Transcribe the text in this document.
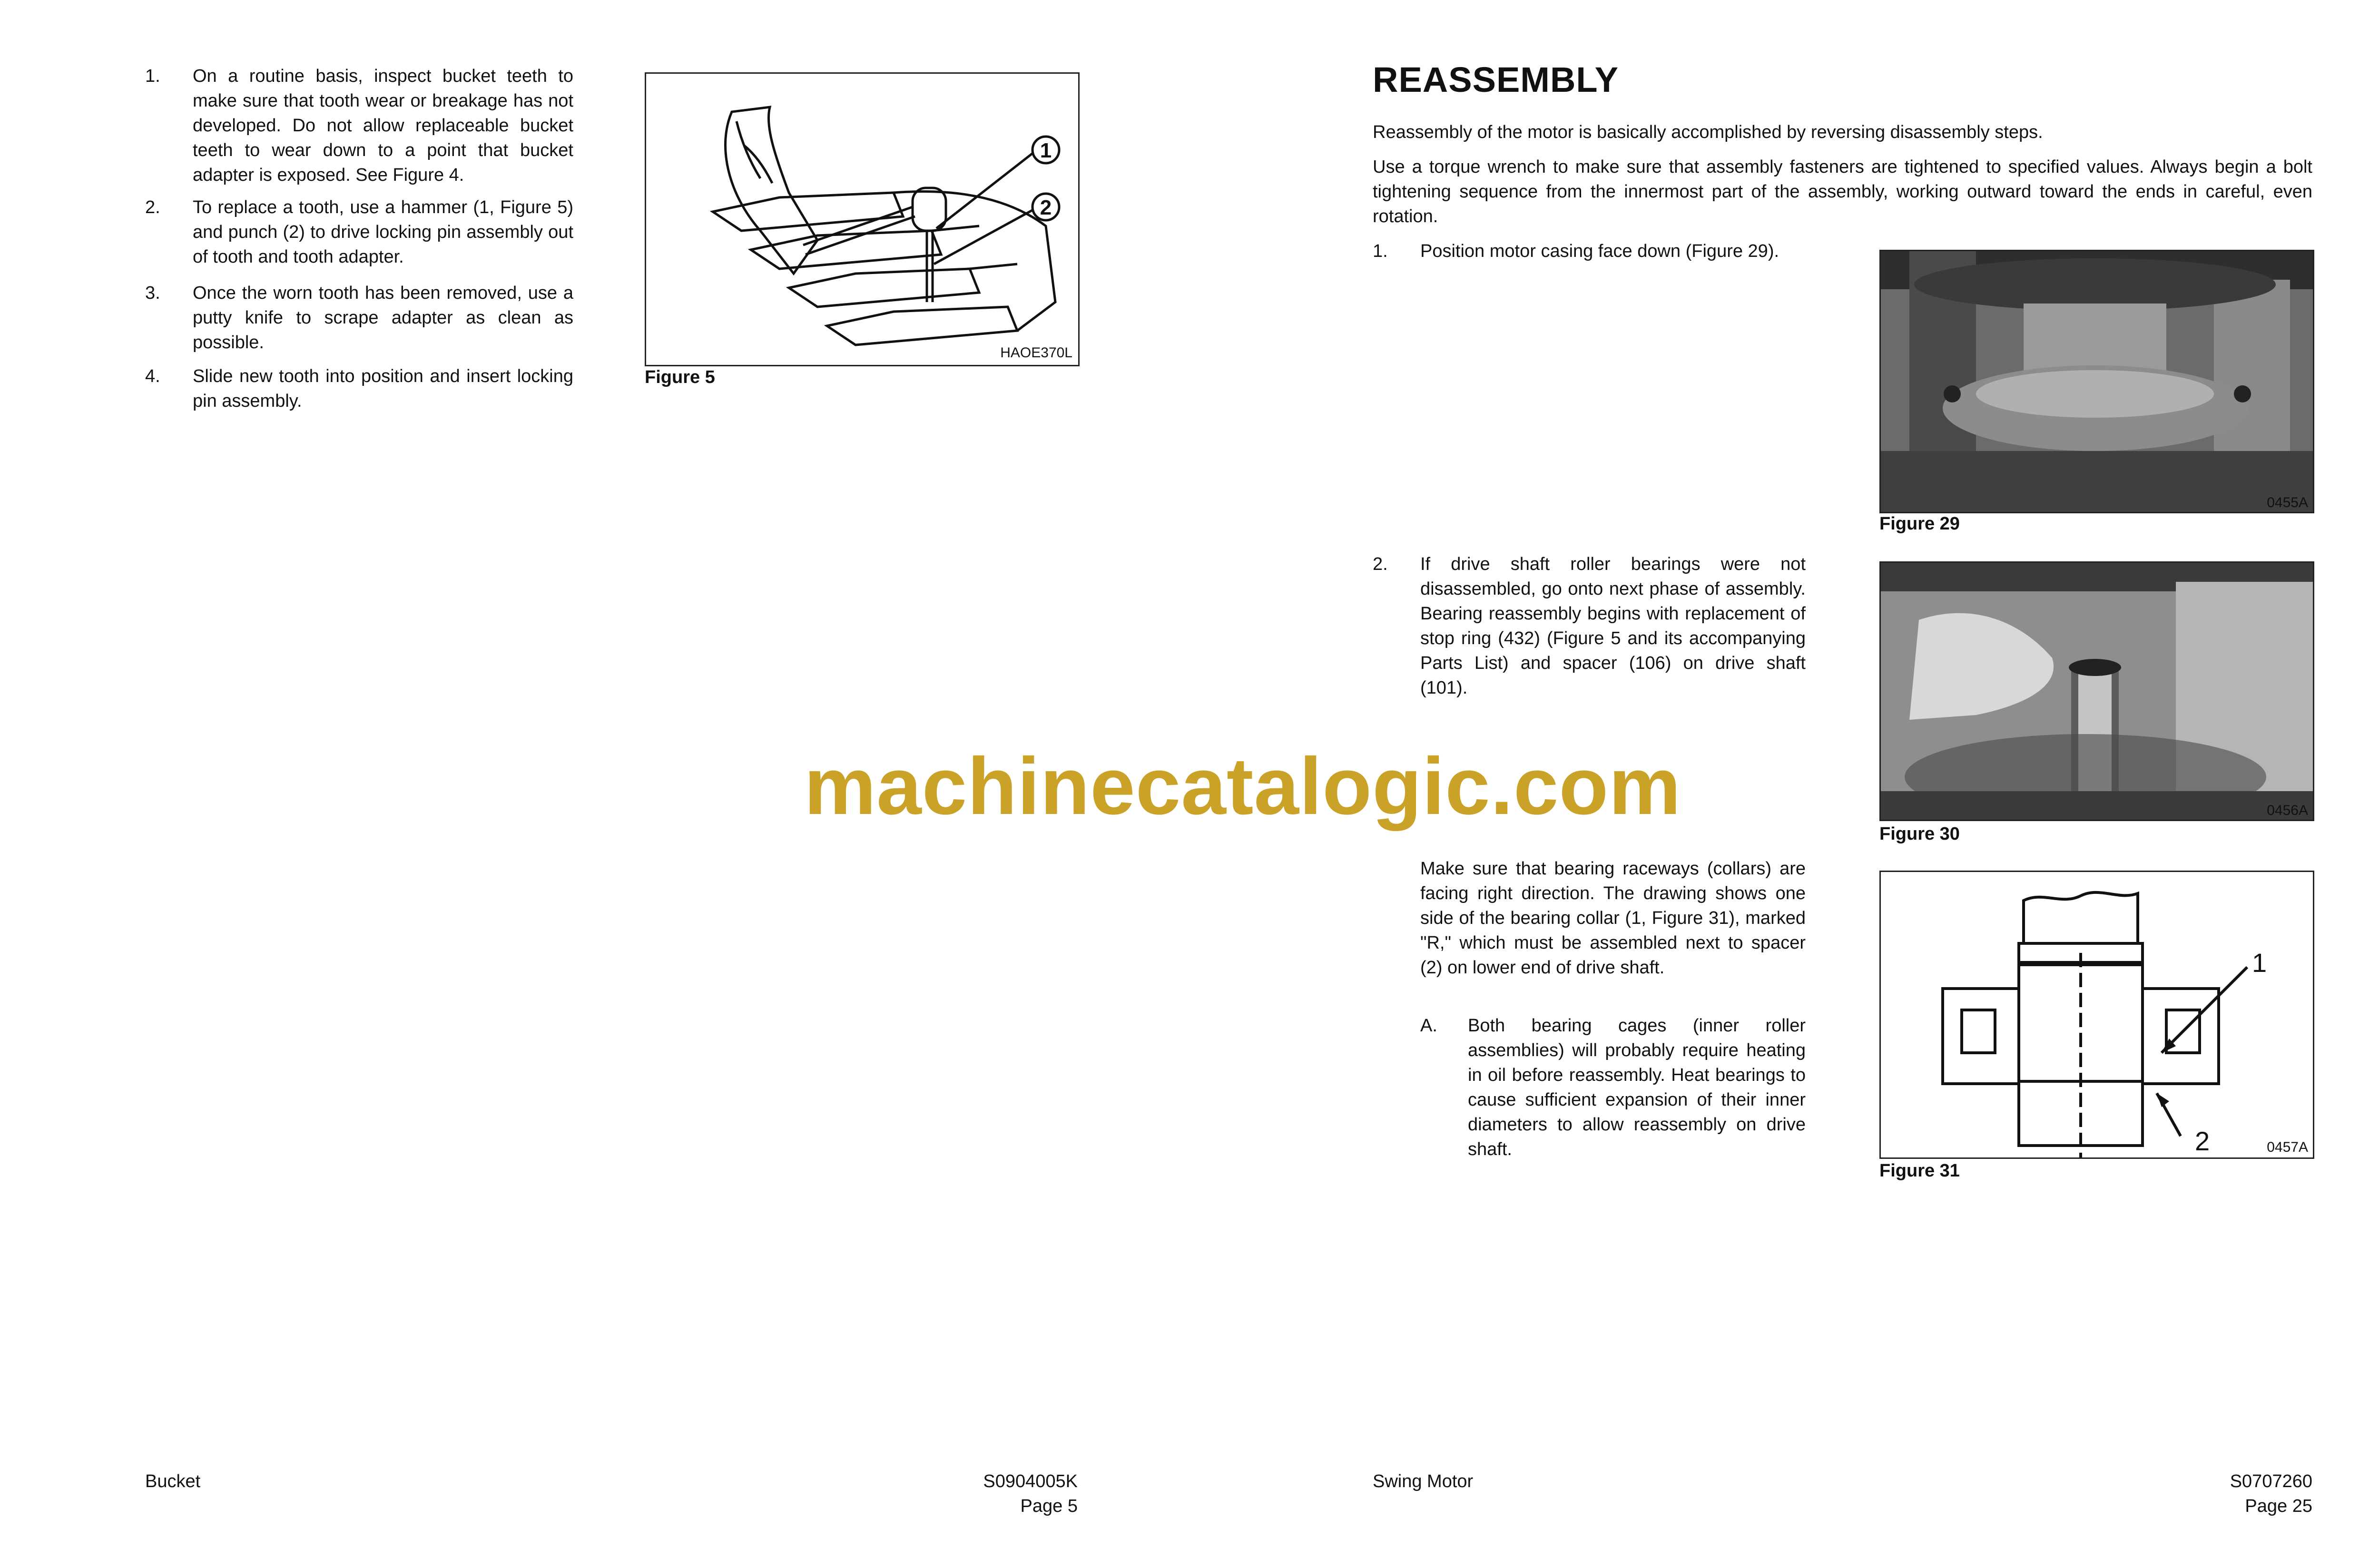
1. On a routine basis, inspect bucket teeth to make sure that tooth wear or breakage has not developed. Do not allow replaceable bucket teeth to wear down to a point that bucket adapter is exposed. See Figure 4.
2. To replace a tooth, use a hammer (1, Figure 5) and punch (2) to drive locking pin assembly out of tooth and tooth adapter.
3. Once the worn tooth has been removed, use a putty knife to scrape adapter as clean as possible.
4. Slide new tooth into position and insert locking pin assembly.
1
2
HAOE370L
Figure 5
Bucket	S0904005K
Page 5
REASSEMBLY
Reassembly of the motor is basically accomplished by reversing disassembly steps.
Use a torque wrench to make sure that assembly fasteners are tightened to specified values. Always begin a bolt tightening sequence from the innermost part of the assembly, working outward toward the ends in careful, even rotation.
1. Position motor casing face down (Figure 29).
2. If drive shaft roller bearings were not disassembled, go onto next phase of assembly. Bearing reassembly begins with replacement of stop ring (432) (Figure 5 and its accompanying Parts List) and spacer (106) on drive shaft (101).
Make sure that bearing raceways (collars) are facing right direction. The drawing shows one side of the bearing collar (1, Figure 31), marked "R," which must be assembled next to spacer (2) on lower end of drive shaft.
A. Both bearing cages (inner roller assemblies) will probably require heating in oil before reassembly. Heat bearings to cause sufficient expansion of their inner diameters to allow reassembly on drive shaft.
0455A
Figure 29
0456A
Figure 30
1
2	0457A
Figure 31
Swing Motor	S0707260
Page 25
machinecatalogic.com
